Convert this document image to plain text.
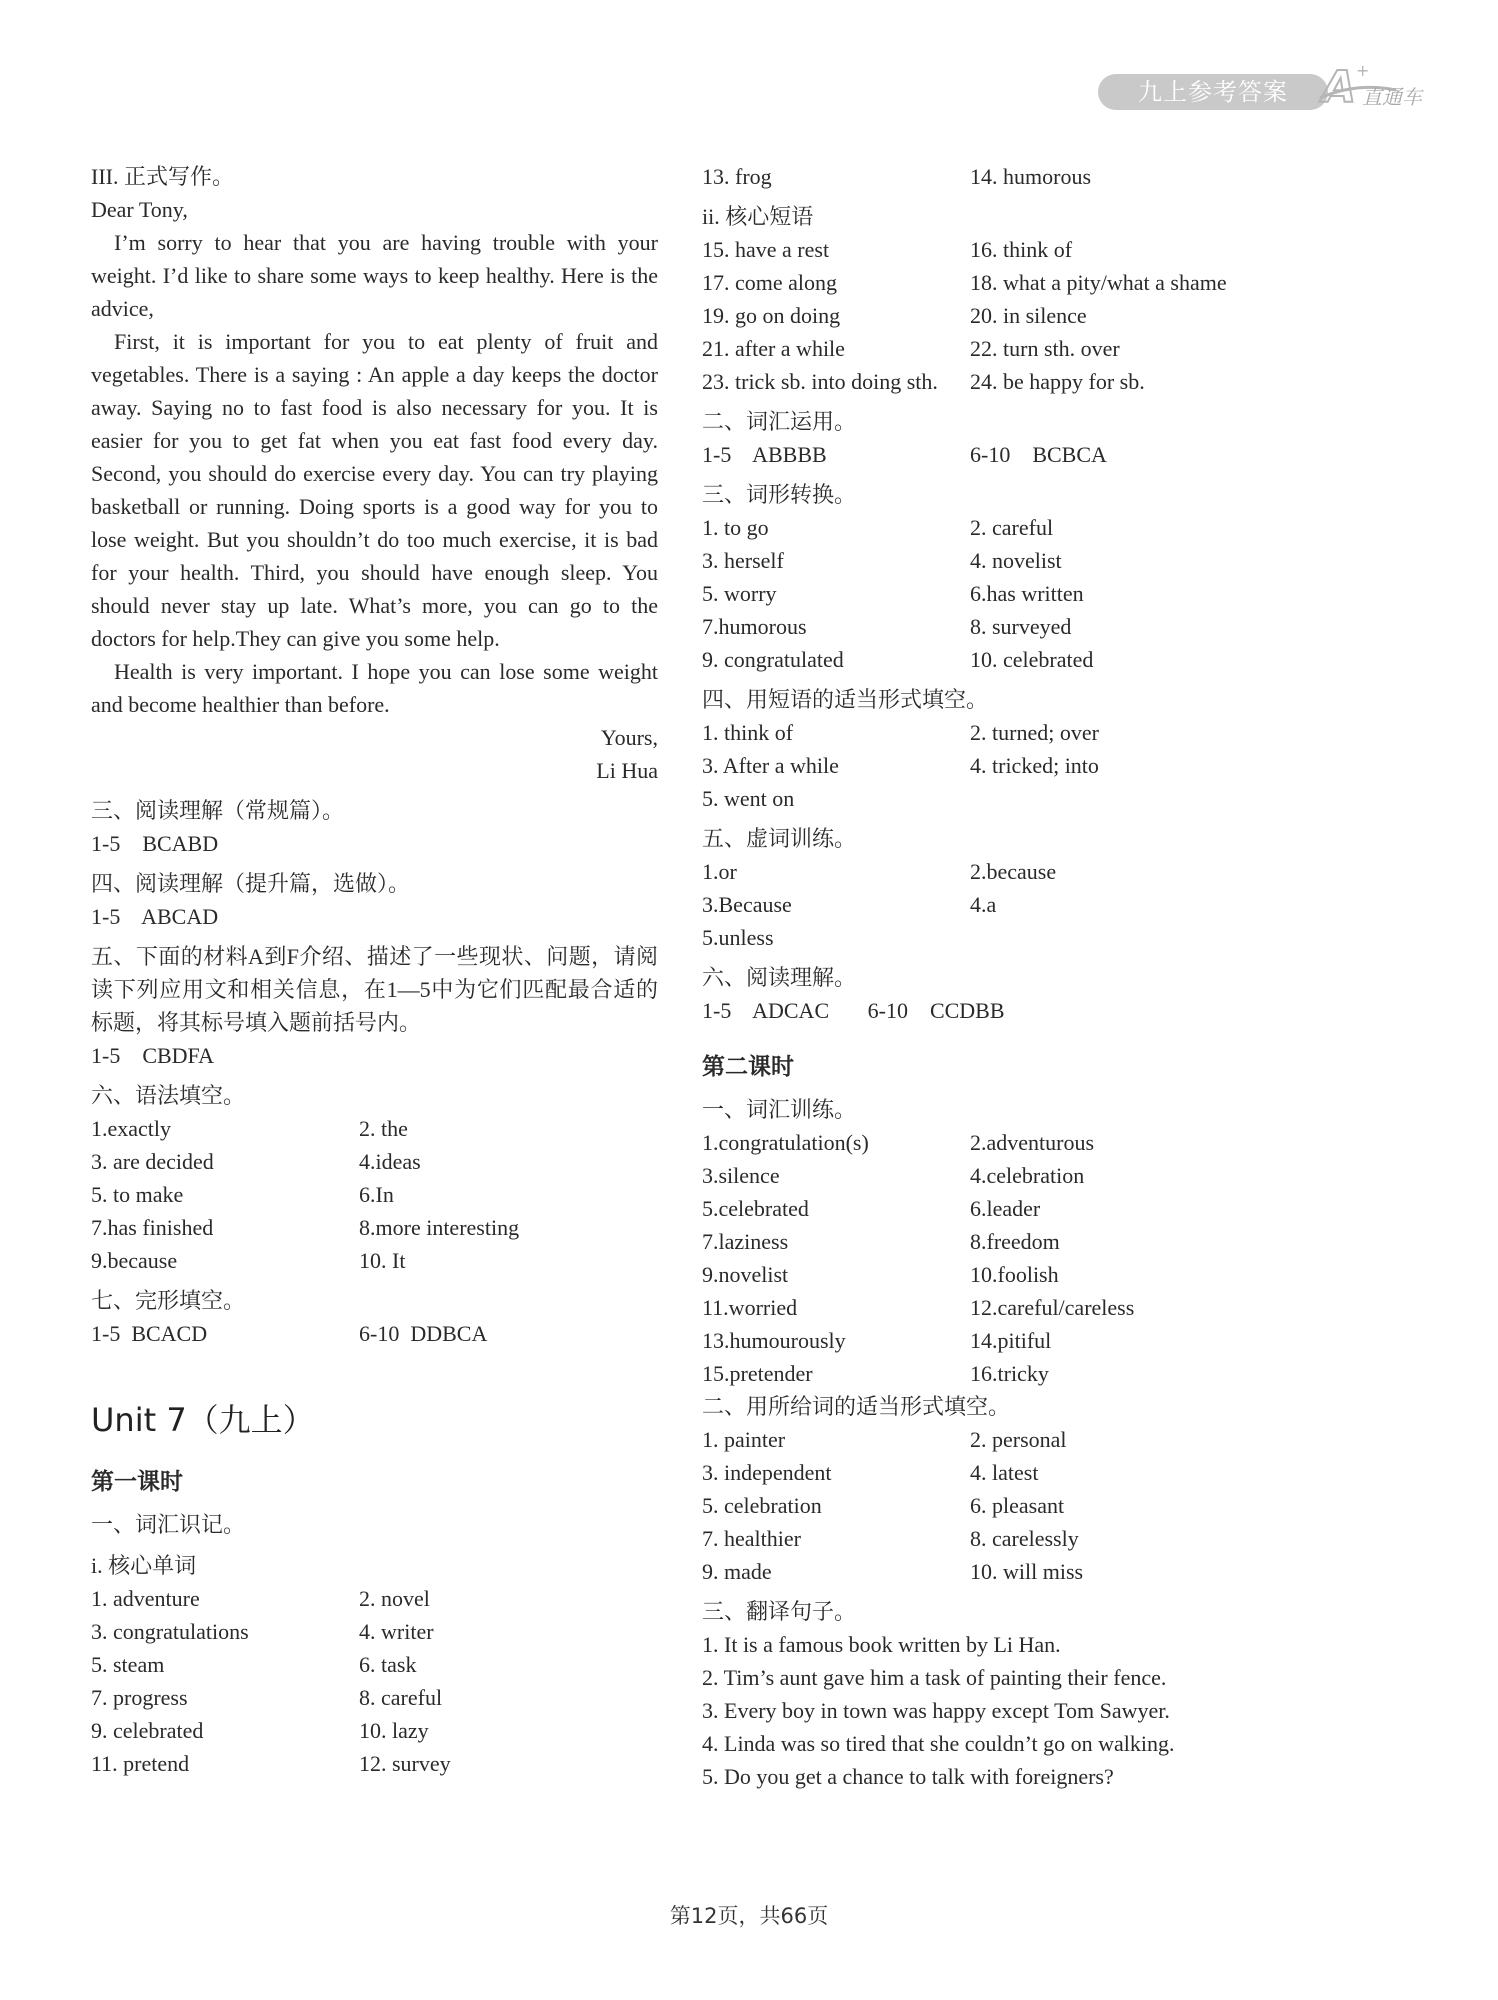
九上参考答案 A +
直通车
III. 正式写作。
Dear Tony,
I’m sorry to hear that you are having trouble with your weight. I’d like to share some ways to keep healthy. Here is the advice,
First, it is important for you to eat plenty of fruit and vegetables. There is a saying : An apple a day keeps the doctor away. Saying no to fast food is also necessary for you. It is easier for you to get fat when you eat fast food every day. Second, you should do exercise every day. You can try playing basketball or running. Doing sports is a good way for you to lose weight. But you shouldn’t do too much exercise, it is bad for your health. Third, you should have enough sleep. You should never stay up late. What’s more, you can go to the doctors for help.They can give you some help.
Health is very important. I hope you can lose some weight and become healthier than before.
Yours,
Li Hua
三、阅读理解（常规篇）。
1-5    BCABD
四、阅读理解（提升篇，选做）。
1-5    ABCAD
五、下面的材料A到F介绍、描述了一些现状、问题，请阅读下列应用文和相关信息，在1—5中为它们匹配最合适的标题，将其标号填入题前括号内。
1-5    CBDFA
六、语法填空。
1.exactly	2. the
3. are decided	4.ideas
5. to make	6.In
7.has finished	8.more interesting
9.because	10. It
七、完形填空。
1-5  BCACD	6-10  DDBCA
Unit 7（九上）
第一课时
一、词汇识记。
i. 核心单词
1. adventure	2. novel
3. congratulations	4. writer
5. steam	6. task
7. progress	8. careful
9. celebrated	10. lazy
11. pretend	12. survey
13. frog	14. humorous
ii. 核心短语
15. have a rest	16. think of
17. come along	18. what a pity/what a shame
19. go on doing	20. in silence
21. after a while	22. turn sth. over
23. trick sb. into doing sth.	24. be happy for sb.
二、词汇运用。
1-5    ABBBB	6-10    BCBCA
三、词形转换。
1. to go	2. careful
3. herself	4. novelist
5. worry	6.has written
7.humorous	8. surveyed
9. congratulated	10. celebrated
四、用短语的适当形式填空。
1. think of	2. turned; over
3. After a while	4. tricked; into
5. went on
五、虚词训练。
1.or	2.because
3.Because	4.a
5.unless
六、阅读理解。
1-5    ADCAC       6-10    CCDBB
第二课时
一、词汇训练。
1.congratulation(s)	2.adventurous
3.silence	4.celebration
5.celebrated	6.leader
7.laziness	8.freedom
9.novelist	10.foolish
11.worried	12.careful/careless
13.humourously	14.pitiful
15.pretender	16.tricky
二、用所给词的适当形式填空。
1. painter	2. personal
3. independent	4. latest
5. celebration	6. pleasant
7. healthier	8. carelessly
9. made	10. will miss
三、翻译句子。
1. It is a famous book written by Li Han.
2. Tim’s aunt gave him a task of painting their fence.
3. Every boy in town was happy except Tom Sawyer.
4. Linda was so tired that she couldn’t go on walking.
5. Do you get a chance to talk with foreigners?
第12页，共66页
